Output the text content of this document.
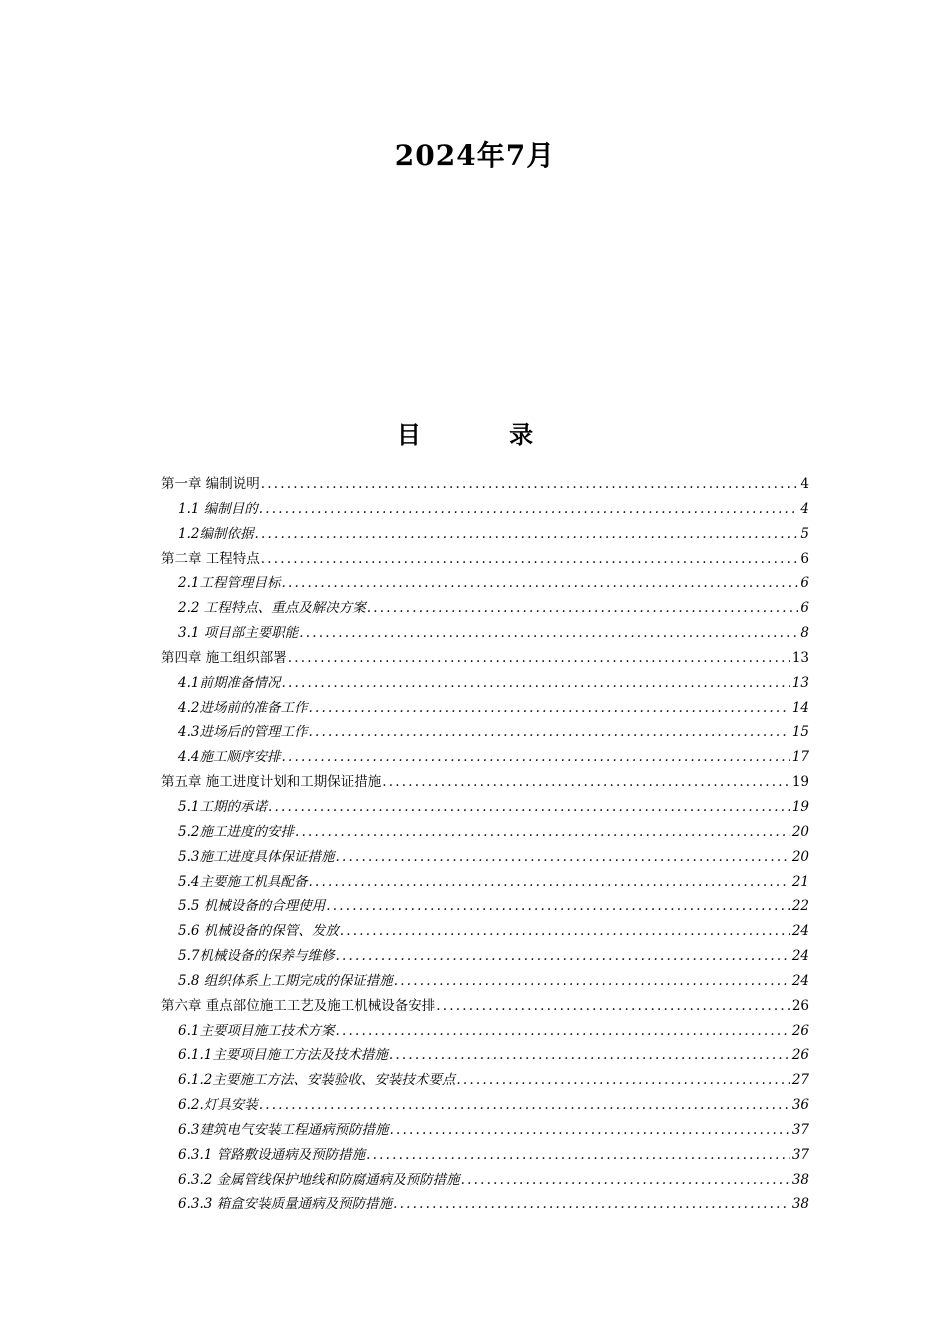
2024年7月
目 录
第一章 编制说明 .....	4
1.1 编制目的 .....	4
1.2编制依据 .....	5
第二章 工程特点 .....	6
2.1工程管理目标 .....	6
2.2 工程特点、重点及解决方案 .....	6
3.1 项目部主要职能 .....	8
第四章 施工组织部署 .....	13
4.1前期准备情况 .....	13
4.2进场前的准备工作 .....	14
4.3进场后的管理工作 .....	15
4.4施工顺序安排 .....	17
第五章 施工进度计划和工期保证措施 .....	19
5.1工期的承诺 .....	19
5.2施工进度的安排 .....	20
5.3施工进度具体保证措施 .....	20
5.4主要施工机具配备 .....	21
5.5 机械设备的合理使用 .....	22
5.6 机械设备的保管、发放 .....	24
5.7机械设备的保养与维修 .....	24
5.8 组织体系上工期完成的保证措施 .....	24
第六章 重点部位施工工艺及施工机械设备安排 .....	26
6.1主要项目施工技术方案 .....	26
6.1.1主要项目施工方法及技术措施 .....	26
6.1.2主要施工方法、安装验收、安装技术要点 .....	27
6.2.灯具安装 .....	36
6.3建筑电气安装工程通病预防措施 .....	37
6.3.1 管路敷设通病及预防措施 .....	37
6.3.2 金属管线保护地线和防腐通病及预防措施 .....	38
6.3.3 箱盒安装质量通病及预防措施 .....	38
